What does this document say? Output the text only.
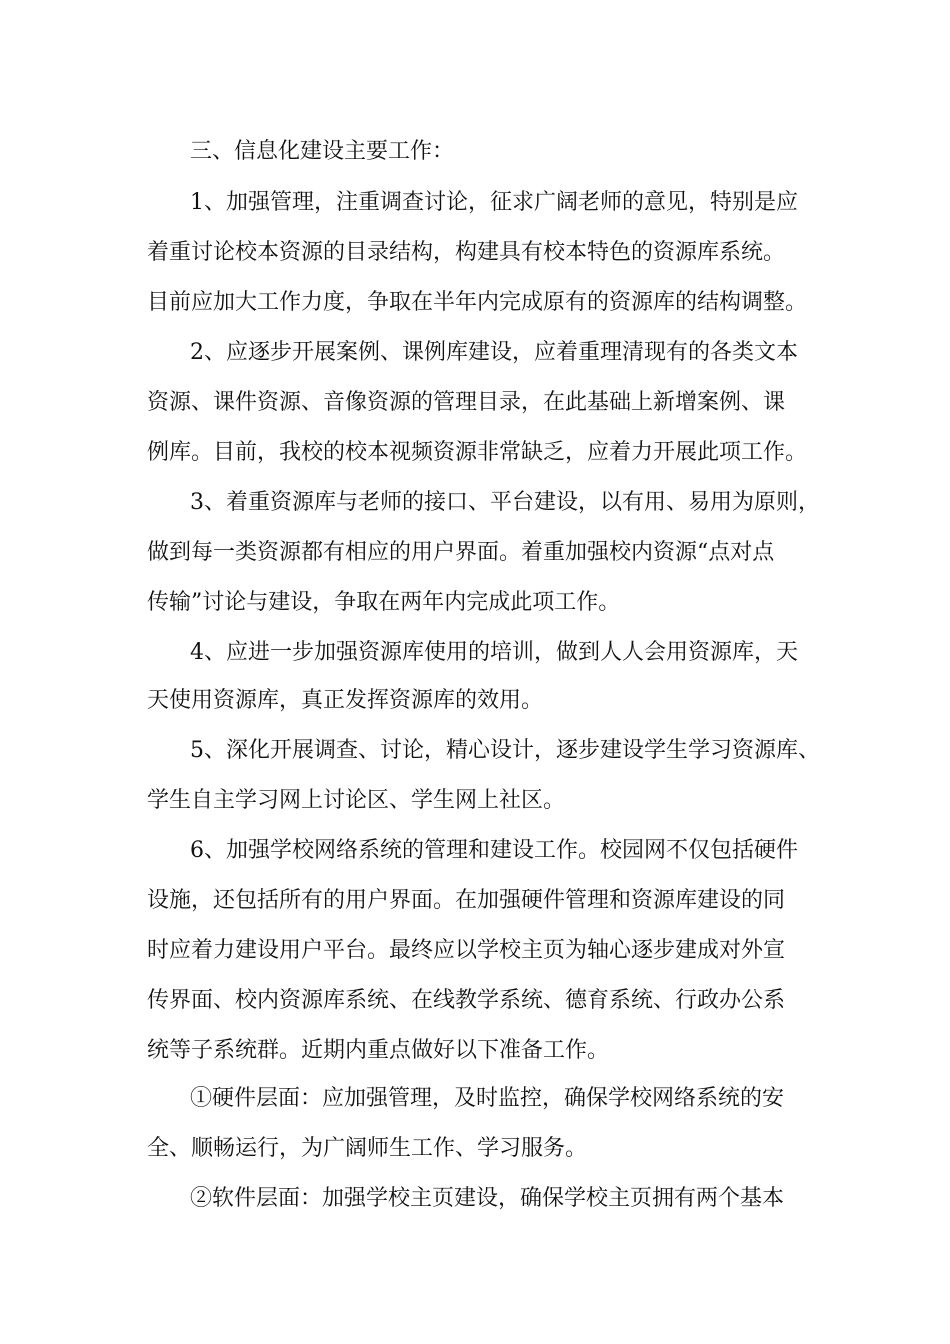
三、信息化建设主要工作：
1、加强管理，注重调查讨论，征求广阔老师的意见，特别是应
着重讨论校本资源的目录结构，构建具有校本特色的资源库系统。
目前应加大工作力度，争取在半年内完成原有的资源库的结构调整。
2、应逐步开展案例、课例库建设，应着重理清现有的各类文本
资源、课件资源、音像资源的管理目录，在此基础上新增案例、课
例库。目前，我校的校本视频资源非常缺乏，应着力开展此项工作。
3、着重资源库与老师的接口、平台建设，以有用、易用为原则，
做到每一类资源都有相应的用户界面。着重加强校内资源“点对点
传输”讨论与建设，争取在两年内完成此项工作。
4、应进一步加强资源库使用的培训，做到人人会用资源库，天
天使用资源库，真正发挥资源库的效用。
5、深化开展调查、讨论，精心设计，逐步建设学生学习资源库、
学生自主学习网上讨论区、学生网上社区。
6、加强学校网络系统的管理和建设工作。校园网不仅包括硬件
设施，还包括所有的用户界面。在加强硬件管理和资源库建设的同
时应着力建设用户平台。最终应以学校主页为轴心逐步建成对外宣
传界面、校内资源库系统、在线教学系统、德育系统、行政办公系
统等子系统群。近期内重点做好以下准备工作。
①硬件层面：应加强管理，及时监控，确保学校网络系统的安
全、顺畅运行，为广阔师生工作、学习服务。
②软件层面：加强学校主页建设，确保学校主页拥有两个基本
